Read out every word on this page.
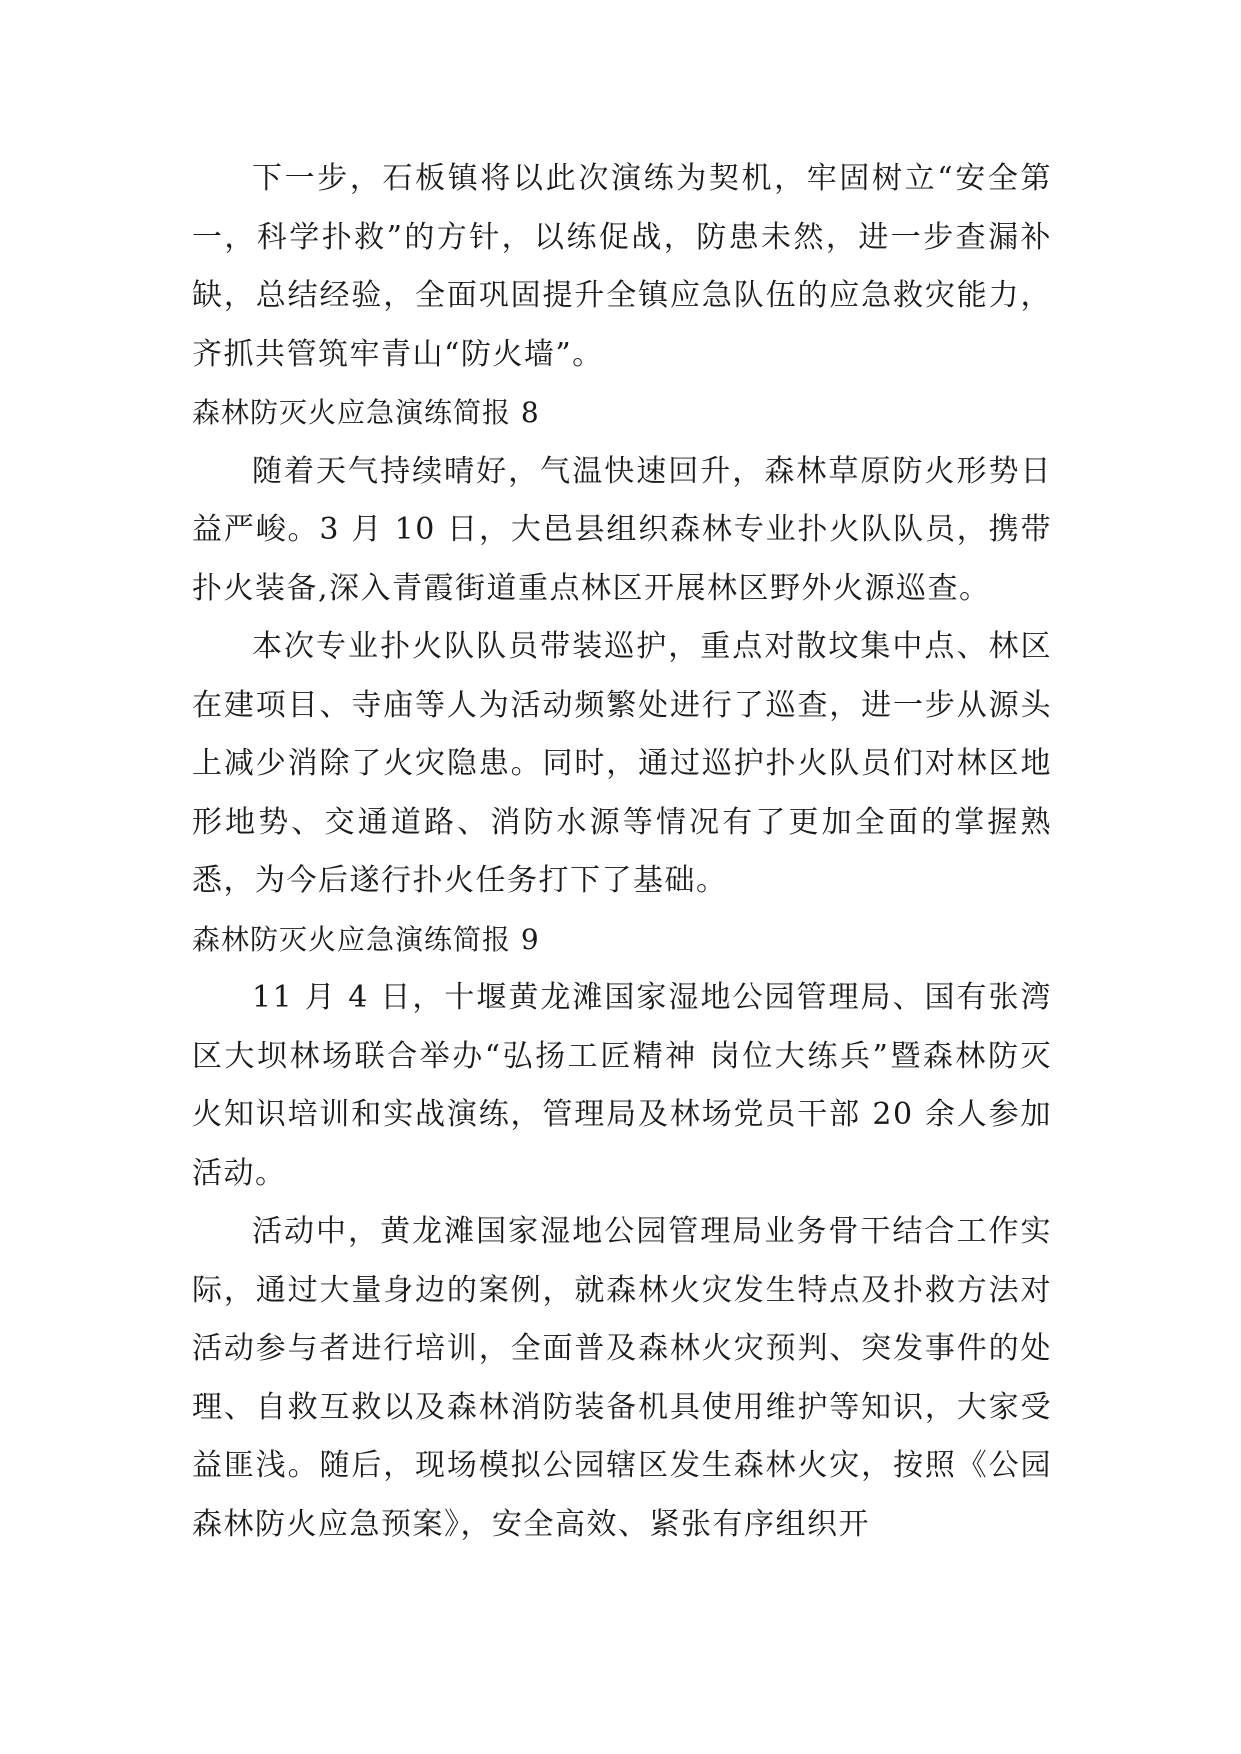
下一步，石板镇将以此次演练为契机，牢固树立“安全第一，科学扑救”的方针，以练促战，防患未然，进一步查漏补缺，总结经验，全面巩固提升全镇应急队伍的应急救灾能力，齐抓共管筑牢青山“防火墙”。

森林防灭火应急演练简报 8

随着天气持续晴好，气温快速回升，森林草原防火形势日益严峻。3 月 10 日，大邑县组织森林专业扑火队队员，携带扑火装备,深入青霞街道重点林区开展林区野外火源巡查。

本次专业扑火队队员带装巡护，重点对散坟集中点、林区在建项目、寺庙等人为活动频繁处进行了巡查，进一步从源头上减少消除了火灾隐患。同时，通过巡护扑火队员们对林区地形地势、交通道路、消防水源等情况有了更加全面的掌握熟悉，为今后遂行扑火任务打下了基础。

森林防灭火应急演练简报 9

11 月 4 日，十堰黄龙滩国家湿地公园管理局、国有张湾区大坝林场联合举办“弘扬工匠精神 岗位大练兵”暨森林防灭火知识培训和实战演练，管理局及林场党员干部 20 余人参加活动。

活动中，黄龙滩国家湿地公园管理局业务骨干结合工作实际，通过大量身边的案例，就森林火灾发生特点及扑救方法对活动参与者进行培训，全面普及森林火灾预判、突发事件的处理、自救互救以及森林消防装备机具使用维护等知识，大家受益匪浅。随后，现场模拟公园辖区发生森林火灾，按照《公园森林防火应急预案》，安全高效、紧张有序组织开
